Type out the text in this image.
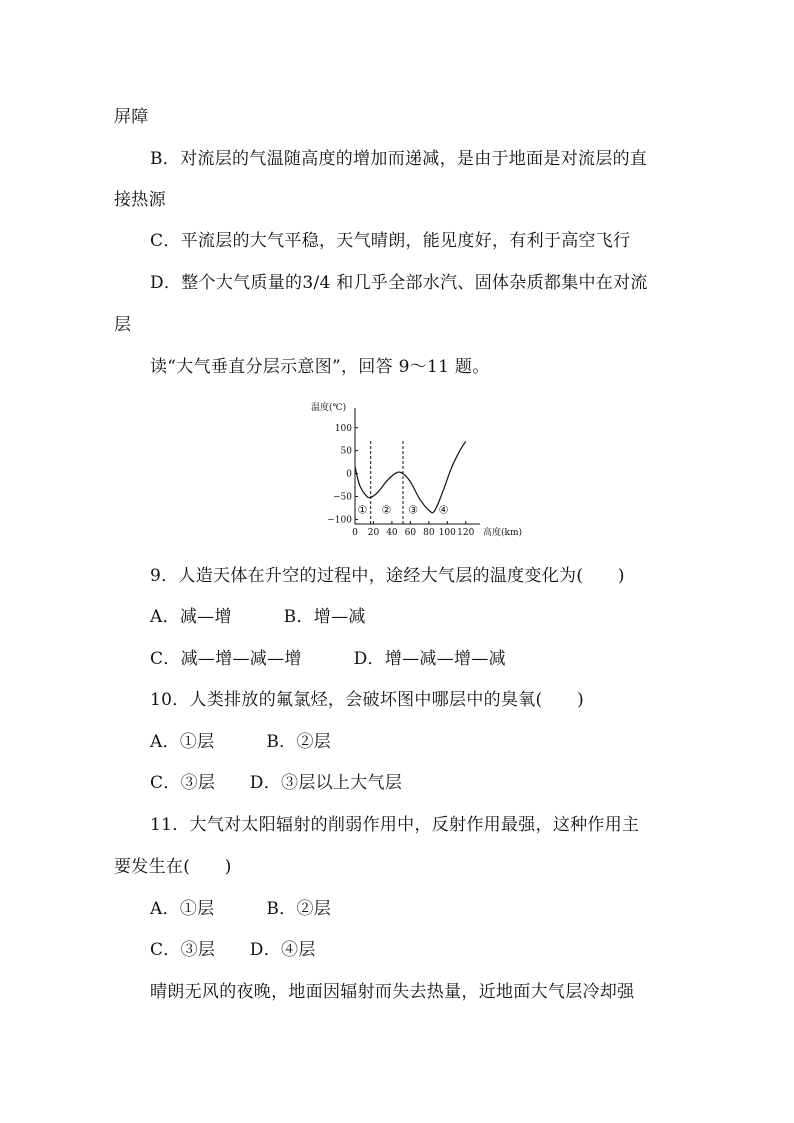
屏障
B．对流层的气温随高度的增加而递减，是由于地面是对流层的直
接热源
C．平流层的大气平稳，天气晴朗，能见度好，有利于高空飞行
D．整个大气质量的3/4 和几乎全部水汽、固体杂质都集中在对流
层
读“大气垂直分层示意图”，回答 9～11 题。
温度(℃)
100
50
0
−50
−100
0 20 40 60 80 100 120 高度(km)
① ② ③ ④
9．人造天体在升空的过程中，途经大气层的温度变化为(　　)
A．减—增　　　B．增—减
C．减—增—减—增　　　D．增—减—增—减
10．人类排放的氟氯烃，会破坏图中哪层中的臭氧(　　)
A．①层　　　B．②层
C．③层　　D．③层以上大气层
11．大气对太阳辐射的削弱作用中，反射作用最强，这种作用主
要发生在(　　)
A．①层　　　B．②层
C．③层　　D．④层
晴朗无风的夜晚，地面因辐射而失去热量，近地面大气层冷却强
